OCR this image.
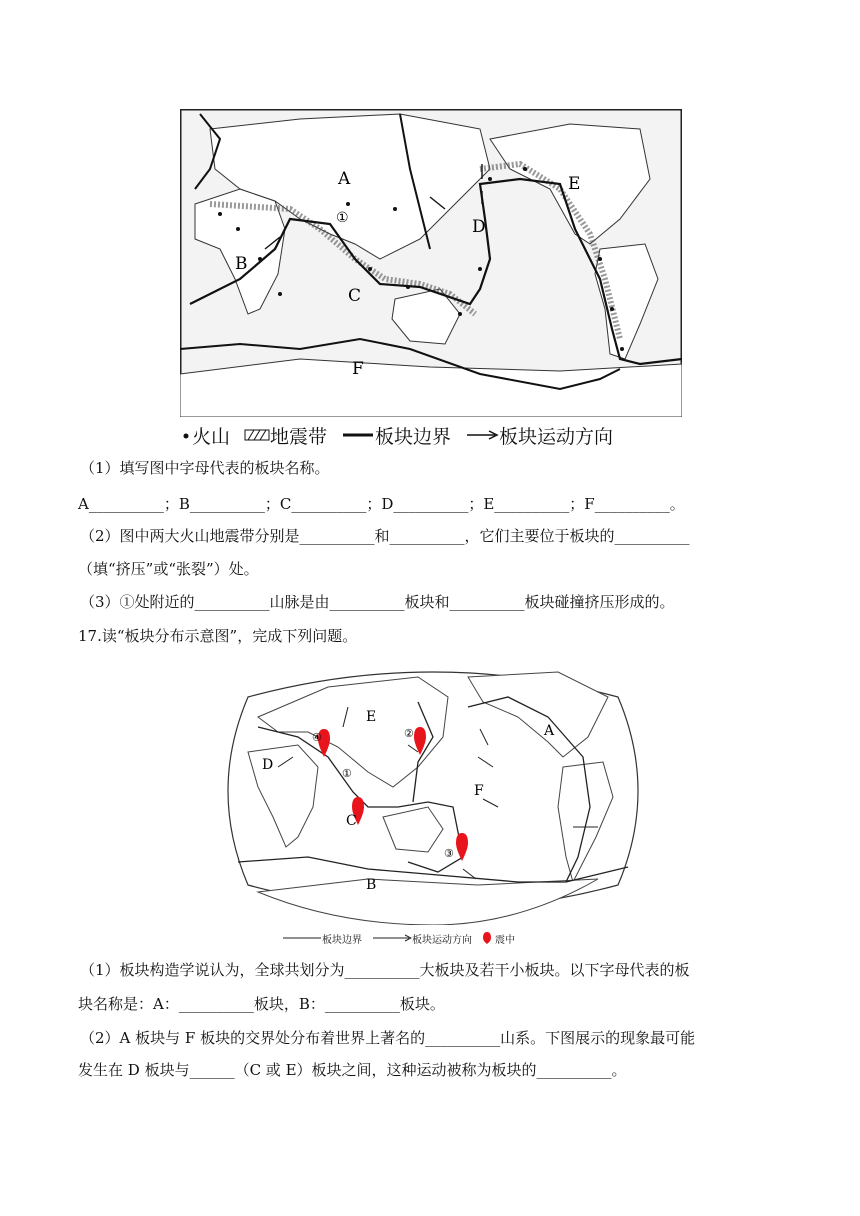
A
B
C
D
E
F
①
火山 地震带	板块边界	板块运动方向
（1）填写图中字母代表的板块名称。
A__________；B__________；C__________；D__________；E__________；F__________。
（2）图中两大火山地震带分别是__________和__________，它们主要位于板块的__________
（填“挤压”或“张裂”）处。
（3）①处附近的__________山脉是由__________板块和__________板块碰撞挤压形成的。
17.读“板块分布示意图”，完成下列问题。
④	②
①
③
A
B
C
D
E
F
板块边界	板块运动方向 震中
（1）板块构造学说认为，全球共划分为__________大板块及若干小板块。以下字母代表的板
块名称是：A：__________板块，B：__________板块。
（2）A 板块与 F 板块的交界处分布着世界上著名的__________山系。下图展示的现象最可能
发生在 D 板块与______（C 或 E）板块之间，这种运动被称为板块的__________。
